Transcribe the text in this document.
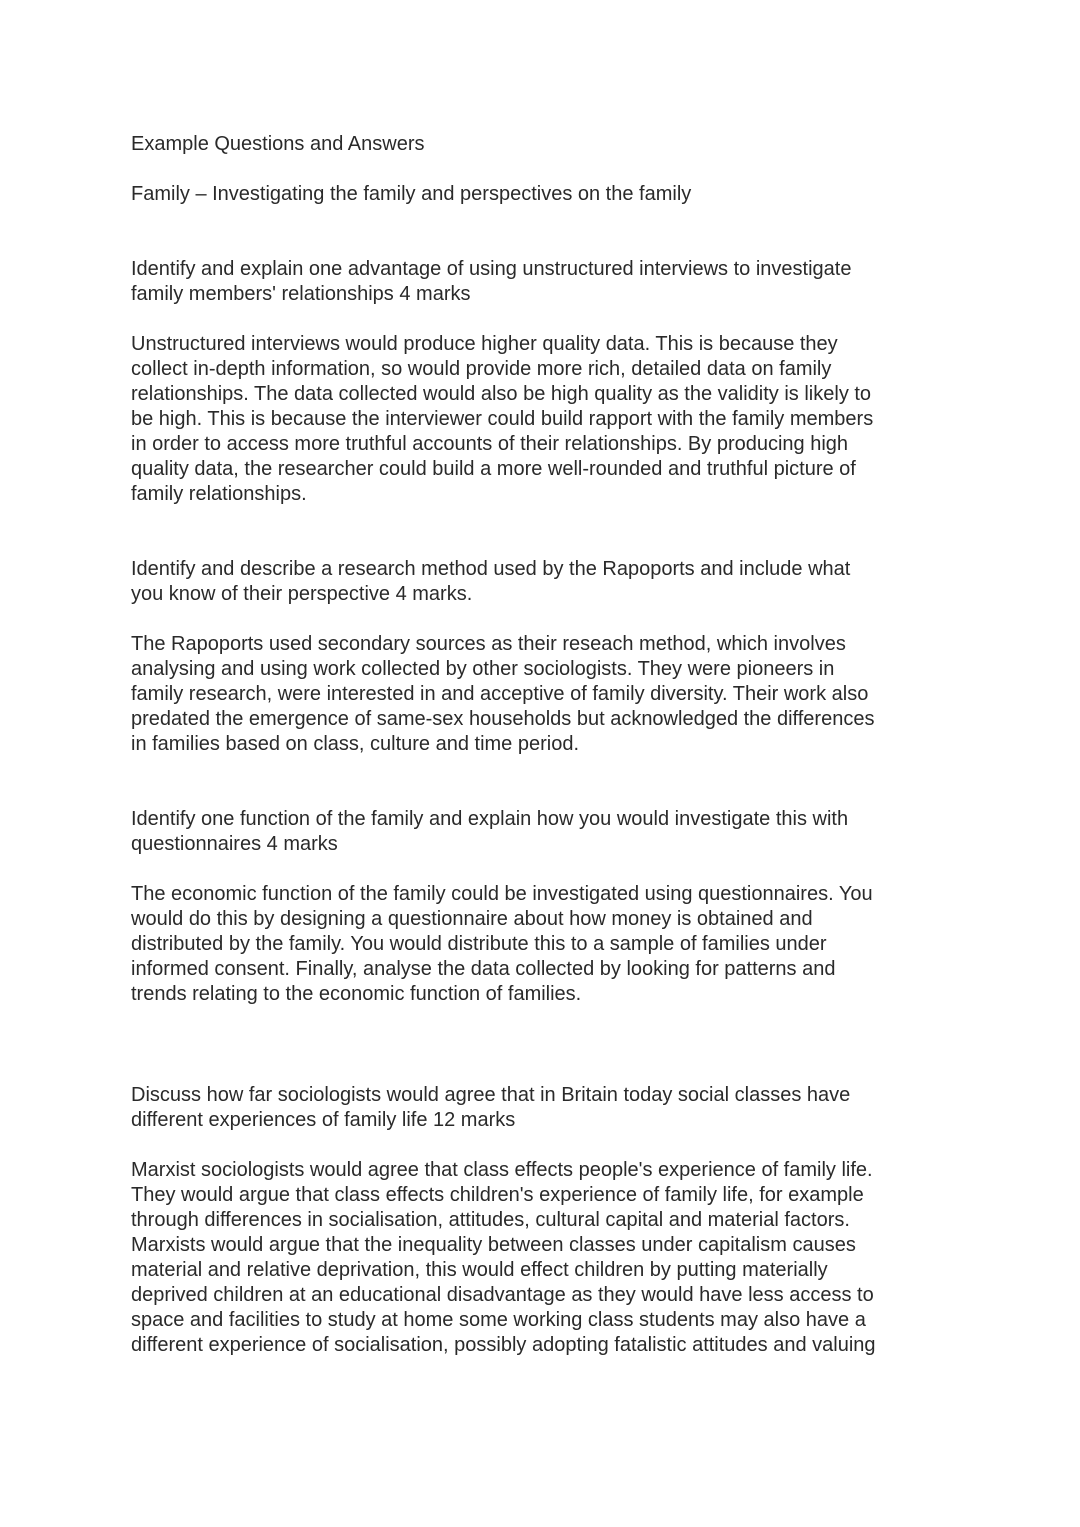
Example Questions and Answers

Family – Investigating the family and perspectives on the family

Identify and explain one advantage of using unstructured interviews to investigate
family members' relationships 4 marks

Unstructured interviews would produce higher quality data. This is because they
collect in-depth information, so would provide more rich, detailed data on family
relationships. The data collected would also be high quality as the validity is likely to
be high. This is because the interviewer could build rapport with the family members
in order to access more truthful accounts of their relationships. By producing high
quality data, the researcher could build a more well-rounded and truthful picture of
family relationships.

Identify and describe a research method used by the Rapoports and include what
you know of their perspective 4 marks.

The Rapoports used secondary sources as their reseach method, which involves
analysing and using work collected by other sociologists. They were pioneers in
family research, were interested in and acceptive of family diversity. Their work also
predated the emergence of same-sex households but acknowledged the differences
in families based on class, culture and time period.

Identify one function of the family and explain how you would investigate this with
questionnaires 4 marks

The economic function of the family could be investigated using questionnaires. You
would do this by designing a questionnaire about how money is obtained and
distributed by the family. You would distribute this to a sample of families under
informed consent. Finally, analyse the data collected by looking for patterns and
trends relating to the economic function of families.

Discuss how far sociologists would agree that in Britain today social classes have
different experiences of family life 12 marks

Marxist sociologists would agree that class effects people's experience of family life.
They would argue that class effects children's experience of family life, for example
through differences in socialisation, attitudes, cultural capital and material factors.
Marxists would argue that the inequality between classes under capitalism causes
material and relative deprivation, this would effect children by putting materially
deprived children at an educational disadvantage as they would have less access to
space and facilities to study at home some working class students may also have a
different experience of socialisation, possibly adopting fatalistic attitudes and valuing
